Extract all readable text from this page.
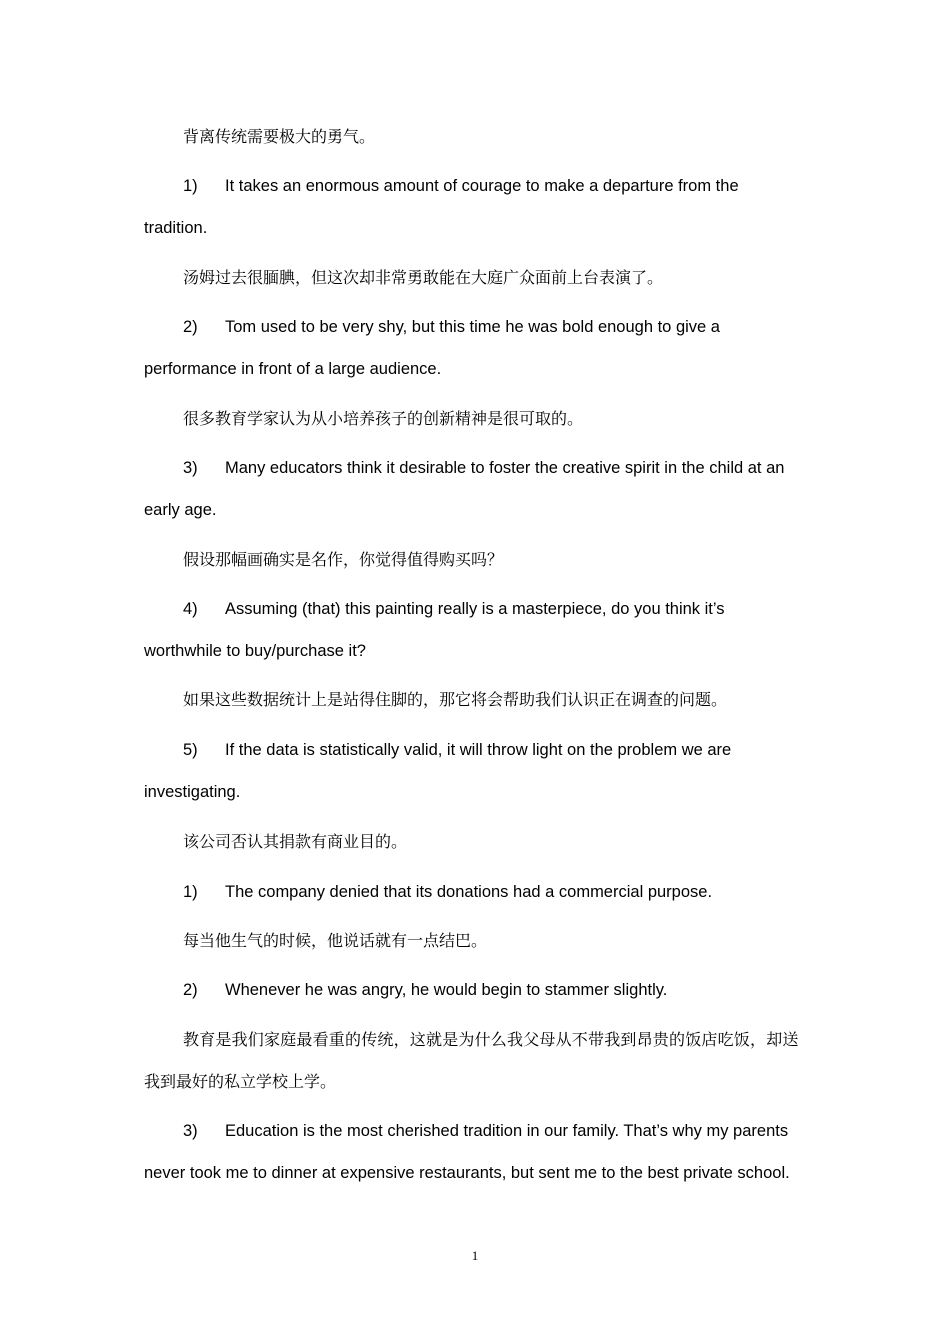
背离传统需要极大的勇气。
1) It takes an enormous amount of courage to make a departure from the
tradition.
汤姆过去很腼腆，但这次却非常勇敢能在大庭广众面前上台表演了。
2) Tom used to be very shy, but this time he was bold enough to give a
performance in front of a large audience.
很多教育学家认为从小培养孩子的创新精神是很可取的。
3) Many educators think it desirable to foster the creative spirit in the child at an
early age.
假设那幅画确实是名作，你觉得值得购买吗？
4) Assuming (that) this painting really is a masterpiece, do you think it’s
worthwhile to buy/purchase it?
如果这些数据统计上是站得住脚的，那它将会帮助我们认识正在调查的问题。
5) If the data is statistically valid, it will throw light on the problem we are
investigating.
该公司否认其捐款有商业目的。
1) The company denied that its donations had a commercial purpose.
每当他生气的时候，他说话就有一点结巴。
2) Whenever he was angry, he would begin to stammer slightly.
教育是我们家庭最看重的传统，这就是为什么我父母从不带我到昂贵的饭店吃饭，却送
我到最好的私立学校上学。
3) Education is the most cherished tradition in our family. That’s why my parents
never took me to dinner at expensive restaurants, but sent me to the best private school.
1
